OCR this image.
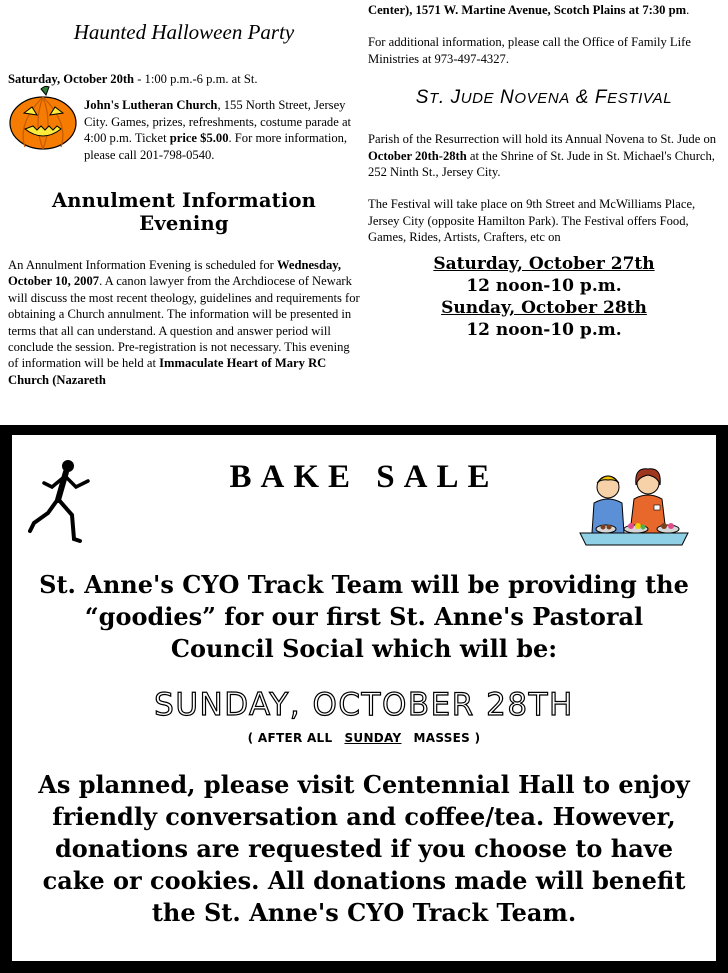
Haunted Halloween Party
Saturday, October 20th - 1:00 p.m.-6 p.m. at St.
John's Lutheran Church, 155 North Street, Jersey City. Games, prizes, refreshments, costume parade at 4:00 p.m. Ticket price $5.00. For more information, please call 201-798-0540.
Annulment Information Evening
An Annulment Information Evening is scheduled for Wednesday, October 10, 2007. A canon lawyer from the Archdiocese of Newark will discuss the most recent theology, guidelines and requirements for obtaining a Church annulment. The information will be presented in terms that all can understand. A question and answer period will conclude the session. Pre-registration is not necessary. This evening of information will be held at Immaculate Heart of Mary RC Church (Nazareth
Center), 1571 W. Martine Avenue, Scotch Plains at 7:30 pm.
For additional information, please call the Office of Family Life Ministries at 973-497-4327.
ST. JUDE NOVENA & FESTIVAL
Parish of the Resurrection will hold its Annual Novena to St. Jude on October 20th-28th at the Shrine of St. Jude in St. Michael's Church, 252 Ninth St., Jersey City.
The Festival will take place on 9th Street and McWilliams Place, Jersey City (opposite Hamilton Park). The Festival offers Food, Games, Rides, Artists, Crafters, etc on
Saturday, October 27th
12 noon-10 p.m.
Sunday, October 28th
12 noon-10 p.m.
BAKE SALE
St. Anne's CYO Track Team will be providing the “goodies” for our first St. Anne's Pastoral Council Social which will be:
SUNDAY, OCTOBER 28TH
( AFTER ALL SUNDAY MASSES )
As planned, please visit Centennial Hall to enjoy friendly conversation and coffee/tea. However, donations are requested if you choose to have cake or cookies. All donations made will benefit the St. Anne's CYO Track Team.
